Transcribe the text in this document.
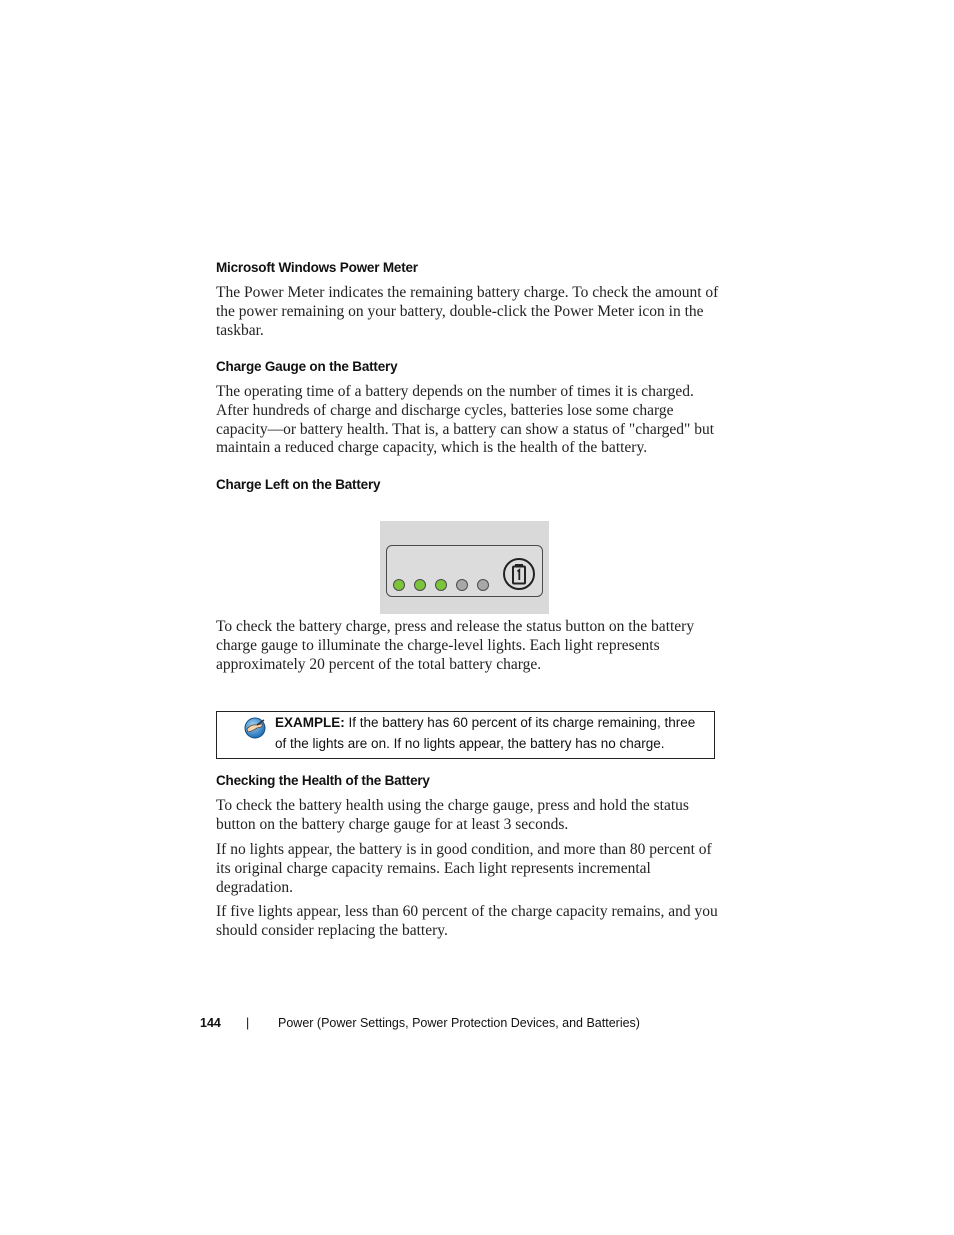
Microsoft Windows Power Meter
The Power Meter indicates the remaining battery charge. To check the amount of the power remaining on your battery, double-click the Power Meter icon in the taskbar.
Charge Gauge on the Battery
The operating time of a battery depends on the number of times it is charged. After hundreds of charge and discharge cycles, batteries lose some charge capacity—or battery health. That is, a battery can show a status of "charged" but maintain a reduced charge capacity, which is the health of the battery.
Charge Left on the Battery
To check the battery charge, press and release the status button on the battery charge gauge to illuminate the charge-level lights. Each light represents approximately 20 percent of the total battery charge.
EXAMPLE: If the battery has 60 percent of its charge remaining, three of the lights are on. If no lights appear, the battery has no charge.
Checking the Health of the Battery
To check the battery health using the charge gauge, press and hold the status button on the battery charge gauge for at least 3 seconds.
If no lights appear, the battery is in good condition, and more than 80 percent of its original charge capacity remains. Each light represents incremental degradation.
If five lights appear, less than 60 percent of the charge capacity remains, and you should consider replacing the battery.
144 | Power (Power Settings, Power Protection Devices, and Batteries)
